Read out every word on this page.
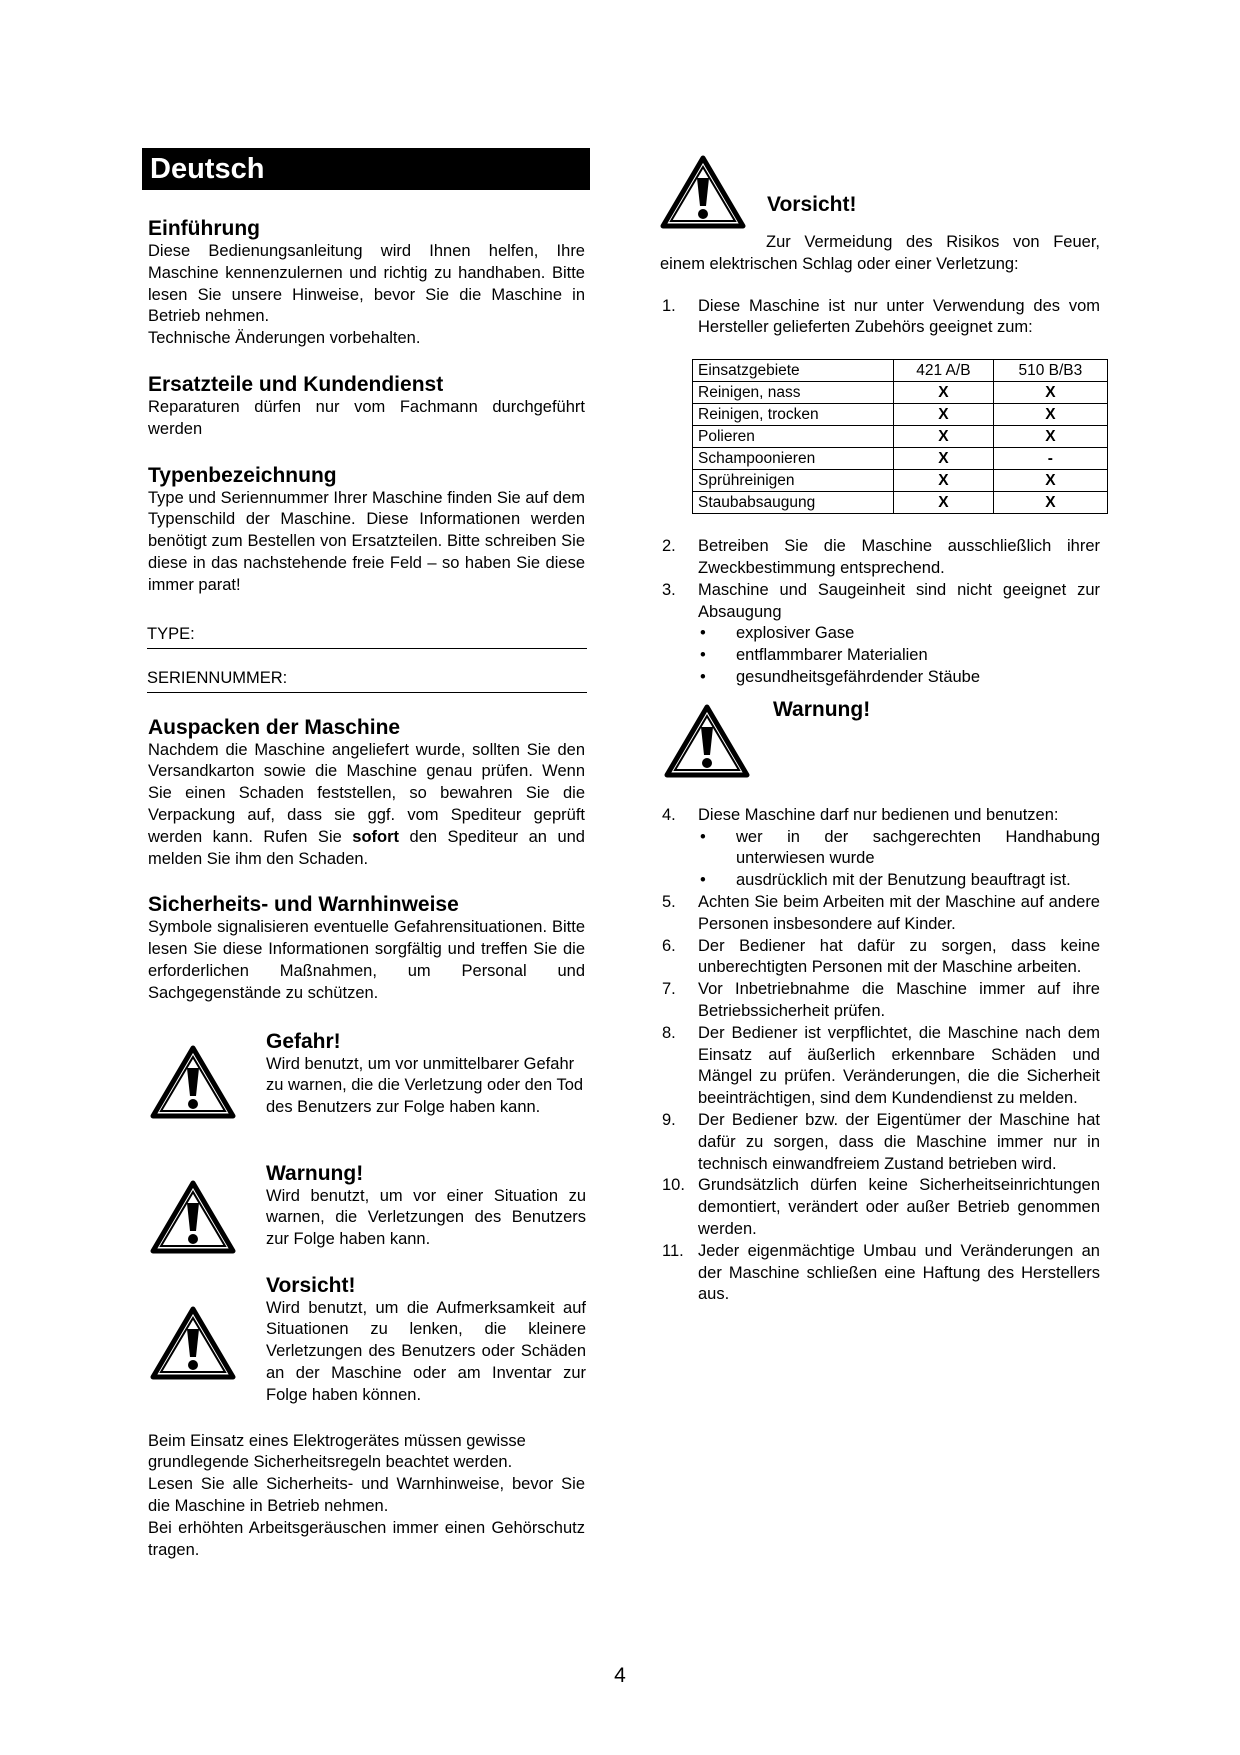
Deutsch
Einführung

Diese Bedienungsanleitung wird Ihnen helfen, Ihre Maschine kennenzulernen und richtig zu handhaben. Bitte lesen Sie unsere Hinweise, bevor Sie die Maschine in Betrieb nehmen.

Technische Änderungen vorbehalten.

Ersatzteile und Kundendienst

Reparaturen dürfen nur vom Fachmann durchgeführt werden

Typenbezeichnung

Type und Seriennummer Ihrer Maschine finden Sie auf dem Typenschild der Maschine. Diese Informationen werden benötigt zum Bestellen von Ersatzteilen. Bitte schreiben Sie diese in das nachstehende freie Feld – so haben Sie diese immer parat!

TYPE:
SERIENNUMMER:
Auspacken der Maschine

Nachdem die Maschine angeliefert wurde, sollten Sie den Versandkarton sowie die Maschine genau prüfen. Wenn Sie einen Schaden feststellen, so bewahren Sie die Verpackung auf, dass sie ggf. vom Spediteur geprüft werden kann. Rufen Sie sofort den Spediteur an und melden Sie ihm den Schaden.

Sicherheits- und Warnhinweise

Symbole signalisieren eventuelle Gefahrensituationen. Bitte lesen Sie diese Informationen sorgfältig und treffen Sie die erforderlichen Maßnahmen, um Personal und Sachgegenstände zu schützen.

Gefahr!

Wird benutzt, um vor unmittelbarer Gefahr zu warnen, die die Verletzung oder den Tod des Benutzers zur Folge haben kann.

Warnung!

Wird benutzt, um vor einer Situation zu warnen, die Verletzungen des Benutzers zur Folge haben kann.

Vorsicht!

Wird benutzt, um die Aufmerksamkeit auf Situationen zu lenken, die kleinere Verletzungen des Benutzers oder Schäden an der Maschine oder am Inventar zur Folge haben können.

Beim Einsatz eines Elektrogerätes müssen gewisse grundlegende Sicherheitsregeln beachtet werden.

Lesen Sie alle Sicherheits- und Warnhinweise, bevor Sie die Maschine in Betrieb nehmen.

Bei erhöhten Arbeitsgeräuschen immer einen Gehörschutz tragen.

Vorsicht!

Zur Vermeidung des Risikos von Feuer, einem elektrischen Schlag oder einer Verletzung:

1. Diese Maschine ist nur unter Verwendung des vom Hersteller gelieferten Zubehörs geeignet zum:
Einsatzgebiete	421 A/B	510 B/B3
Reinigen, nass	X	X
Reinigen, trocken	X	X
Polieren	X	X
Schampoonieren	X	-
Sprühreinigen	X	X
Staubabsaugung	X	X
2. Betreiben Sie die Maschine ausschließlich ihrer Zweckbestimmung entsprechend.
3. Maschine und Saugeinheit sind nicht geeignet zur Absaugung
• explosiver Gase
• entflammbarer Materialien
• gesundheitsgefährdender Stäube
Warnung!
4. Diese Maschine darf nur bedienen und benutzen:
• wer in der sachgerechten Handhabung unterwiesen wurde
• ausdrücklich mit der Benutzung beauftragt ist.
5. Achten Sie beim Arbeiten mit der Maschine auf andere Personen insbesondere auf Kinder.
6. Der Bediener hat dafür zu sorgen, dass keine unberechtigten Personen mit der Maschine arbeiten.
7. Vor Inbetriebnahme die Maschine immer auf ihre Betriebssicherheit prüfen.
8. Der Bediener ist verpflichtet, die Maschine nach dem Einsatz auf äußerlich erkennbare Schäden und Mängel zu prüfen. Veränderungen, die die Sicherheit beeinträchtigen, sind dem Kundendienst zu melden.
9. Der Bediener bzw. der Eigentümer der Maschine hat dafür zu sorgen, dass die Maschine immer nur in technisch einwandfreiem Zustand betrieben wird.
10. Grundsätzlich dürfen keine Sicherheitseinrichtungen demontiert, verändert oder außer Betrieb genommen werden.
11. Jeder eigenmächtige Umbau und Veränderungen an der Maschine schließen eine Haftung des Herstellers aus.
4
